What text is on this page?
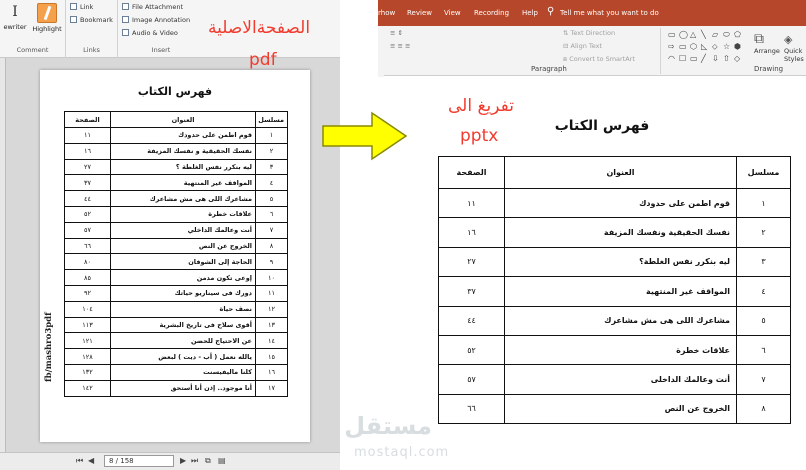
I
ewriter Highlight
Comment
Link
Bookmark
Links
File Attachment
Image Annotation
Audio & Video
Insert
فهرس الكتاب
fb/mashro3pdf
مسلسل	العنوان	الصفحة
١	قوم اطمن على حدودك	١١
٢	نفسك الحقيقية و نفسك المزيفة	١٦
٣	ليه بنكرر نفس الغلطة ؟	٢٧
٤	المواقف غير المنتهية	٣٧
٥	مشاعرك اللى هى مش مشاعرك	٤٤
٦	علاقات خطرة	٥٢
٧	أنت وعالمك الداخلي	٥٧
٨	الخروج عن النص	٦٦
٩	الحاجة إلى الشوفان	٨٠
١٠	إوعى تكون مدمن	٨٥
١١	دورك فى سيناريو حياتك	٩٢
١٢	نصف حياة	١٠٤
١٣	أقوى سلاح فى تاريخ البشرية	١١٣
١٤	عن الاحتياج للحضن	١٢١
١٥	يالله نعمل ( أب - ديت ) لبعض	١٢٨
١٦	كلنا ماليفيسنت	١٣٢
١٧	أنا موجود.. إذن أنا أستحق	١٤٢
⏮ ◀	8 / 158	▶ ⏭ ⧉ ▤
الصفحةالاصلية
pdf
rhow Review View Recording Help ⚲ Tell me what you want to do
≡ ⇕
≡ ≡ ≡
⇅ Text Direction
⊟ Align Text
⧈ Convert to SmartArt
Paragraph
▭ ◯ △ ╲ ▱ ⬭ ⬠
⇨ ▭ ⬡ ◺ ⬦ ☆ ⬢
◠ ☐ ▭ ╱ ⇩ ⇧ ◇
⧉
Arrange
◈
Quick Styles
Drawing
فهرس الكتاب
مسلسل	العنوان	الصفحة
١	قوم اطمن على حدودك	١١
٢	نفسك الحقيقية ونفسك المزيفة	١٦
٣	ليه بنكرر نفس الغلطة؟	٢٧
٤	المواقف غير المنتهية	٣٧
٥	مشاعرك اللى هى مش مشاعرك	٤٤
٦	علاقات خطرة	٥٢
٧	أنت وعالمك الداخلى	٥٧
٨	الخروج عن النص	٦٦
تفريغ الى
pptx
مستقل
mostaql.com
